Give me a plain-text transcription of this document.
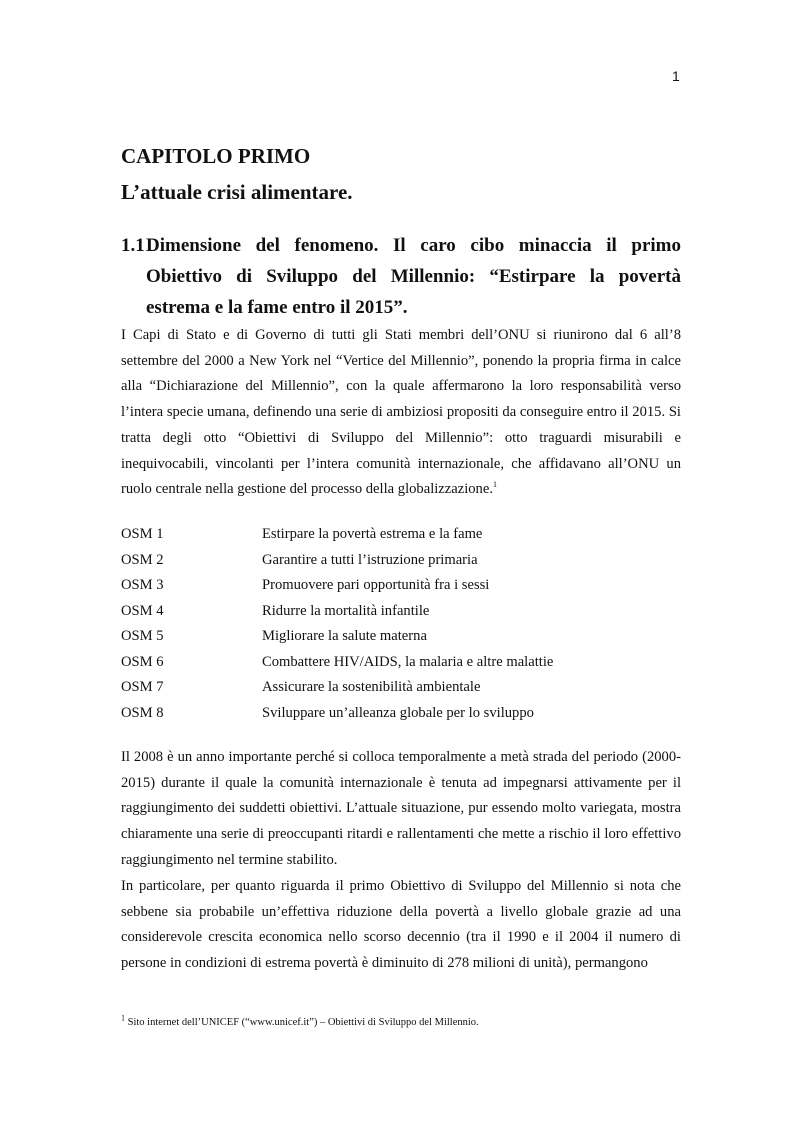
1
CAPITOLO PRIMO
L’attuale crisi alimentare.
1.1 Dimensione del fenomeno. Il caro cibo minaccia il primo Obiettivo di Sviluppo del Millennio: “Estirpare la povertà estrema e la fame entro il 2015”.

I Capi di Stato e di Governo di tutti gli Stati membri dell’ONU si riunirono dal 6 all’8 settembre del 2000 a New York nel “Vertice del Millennio”, ponendo la propria firma in calce alla “Dichiarazione del Millennio”, con la quale affermarono la loro responsabilità verso l’intera specie umana, definendo una serie di ambiziosi propositi da conseguire entro il 2015. Si tratta degli otto “Obiettivi di Sviluppo del Millennio”: otto traguardi misurabili e inequivocabili, vincolanti per l’intera comunità internazionale, che affidavano all’ONU un ruolo centrale nella gestione del processo della globalizzazione.$^1$

OSM 1	Estirpare la povertà estrema e la fame
OSM 2	Garantire a tutti l’istruzione primaria
OSM 3	Promuovere pari opportunità fra i sessi
OSM 4	Ridurre la mortalità infantile
OSM 5	Migliorare la salute materna
OSM 6	Combattere HIV/AIDS, la malaria e altre malattie
OSM 7	Assicurare la sostenibilità ambientale
OSM 8	Sviluppare un’alleanza globale per lo sviluppo

Il 2008 è un anno importante perché si colloca temporalmente a metà strada del periodo (2000-2015) durante il quale la comunità internazionale è tenuta ad impegnarsi attivamente per il raggiungimento dei suddetti obiettivi. L’attuale situazione, pur essendo molto variegata, mostra chiaramente una serie di preoccupanti ritardi e rallentamenti che mette a rischio il loro effettivo raggiungimento nel termine stabilito.

In particolare, per quanto riguarda il primo Obiettivo di Sviluppo del Millennio si nota che sebbene sia probabile un’effettiva riduzione della povertà a livello globale grazie ad una considerevole crescita economica nello scorso decennio (tra il 1990 e il 2004 il numero di persone in condizioni di estrema povertà è diminuito di 278 milioni di unità), permangono

$^1$ Sito internet dell’UNICEF (“www.unicef.it”) – Obiettivi di Sviluppo del Millennio.
